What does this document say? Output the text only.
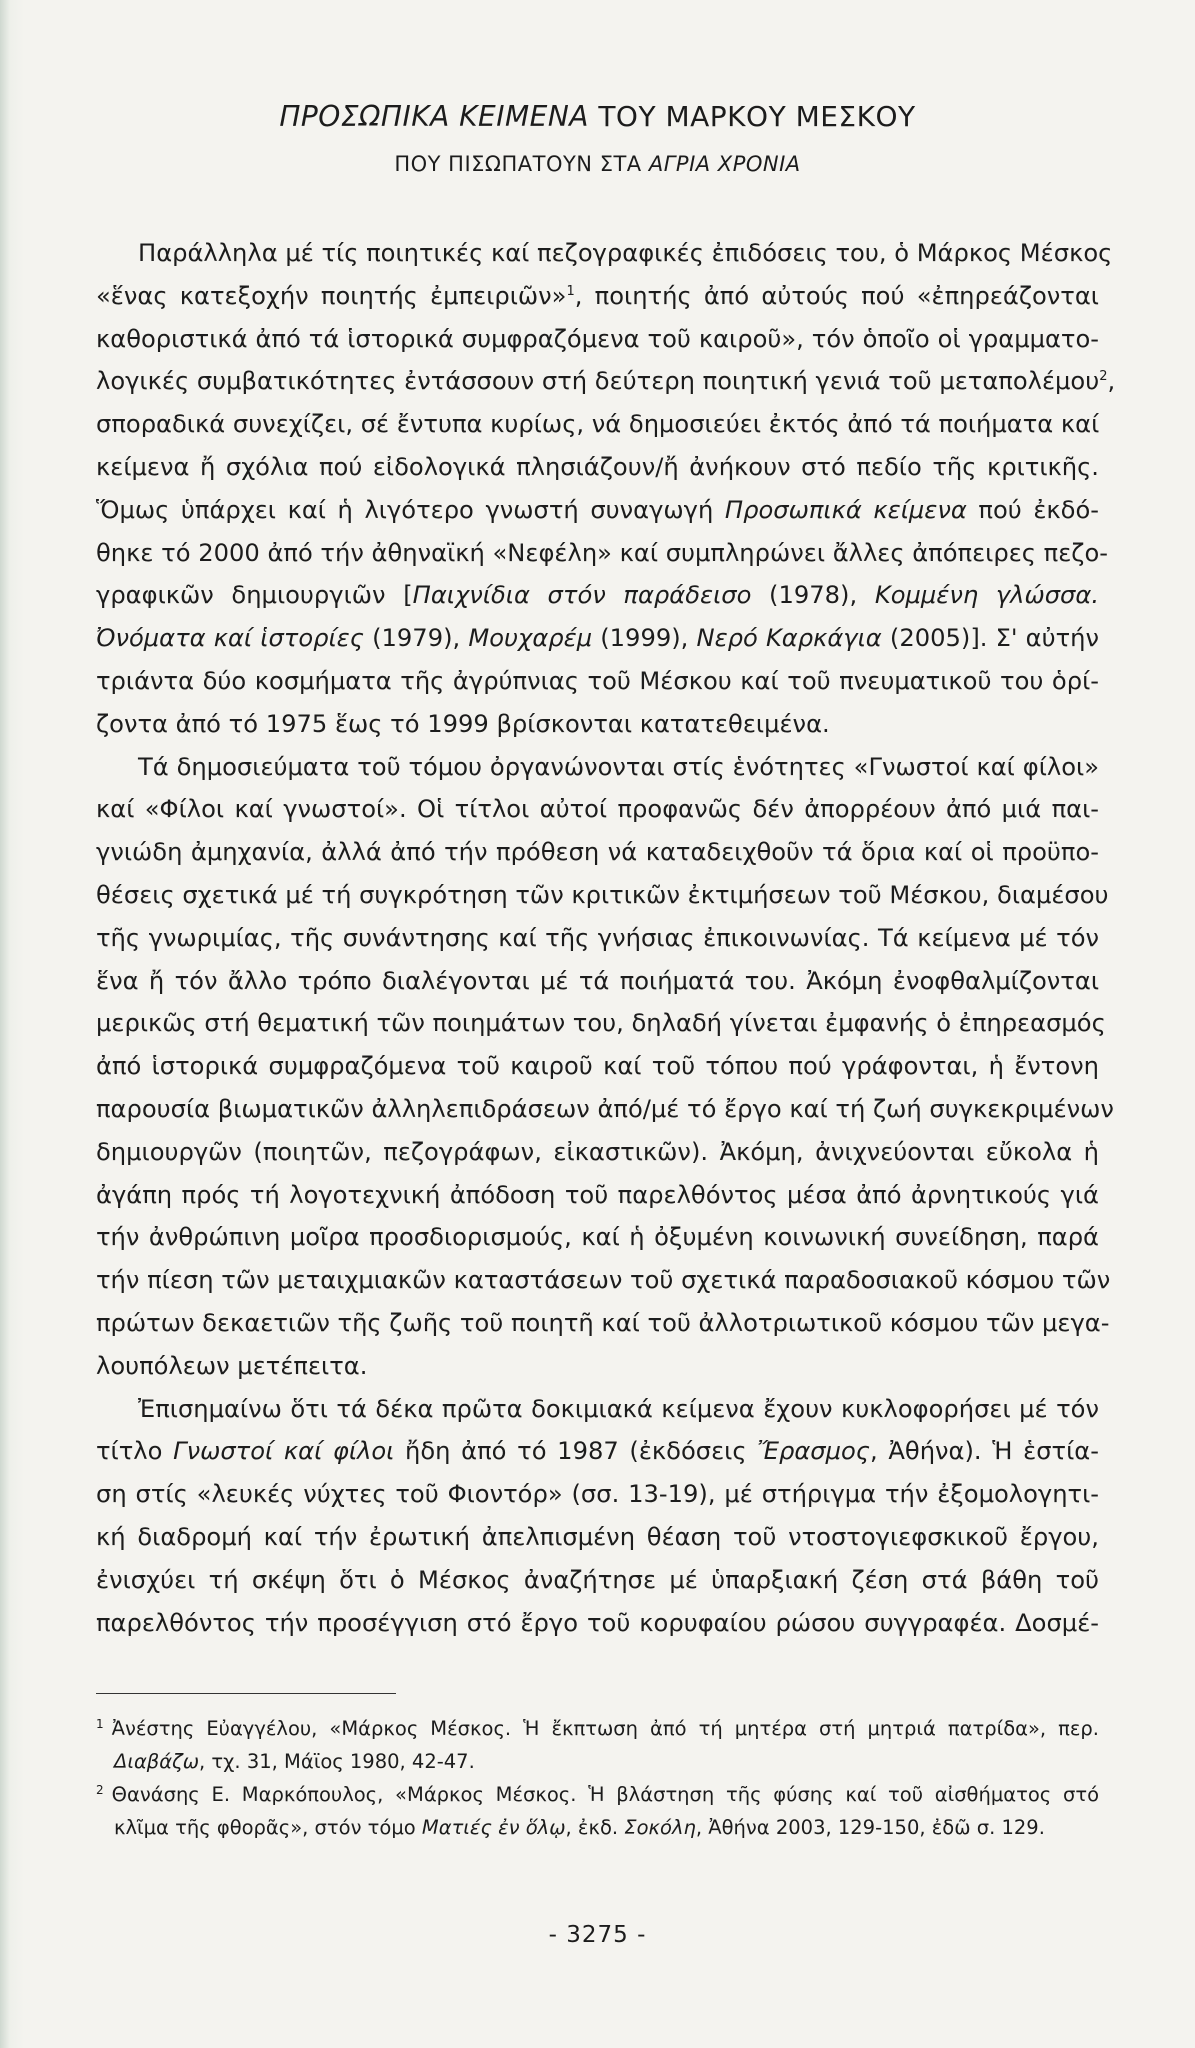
ΠΡΟΣΩΠΙΚΑ ΚΕΙΜΕΝΑ ΤΟΥ ΜΑΡΚΟΥ ΜΕΣΚΟΥ
ΠΟΥ ΠΙΣΩΠΑΤΟΥΝ ΣΤΑ ΑΓΡΙΑ ΧΡΟΝΙΑ

Παράλληλα μέ τίς ποιητικές καί πεζογραφικές ἐπιδόσεις του, ὁ Μάρκος Μέσκος
«ἕνας κατεξοχήν ποιητής ἐμπειριῶν»$^1$, ποιητής ἀπό αὐτούς πού «ἐπηρεάζονται
καθοριστικά ἀπό τά ἱστορικά συμφραζόμενα τοῦ καιροῦ», τόν ὁποῖο οἱ γραμματο-
λογικές συμβατικότητες ἐντάσσουν στή δεύτερη ποιητική γενιά τοῦ μεταπολέμου$^2$,
σποραδικά συνεχίζει, σέ ἔντυπα κυρίως, νά δημοσιεύει ἐκτός ἀπό τά ποιήματα καί
κείμενα ἤ σχόλια πού εἰδολογικά πλησιάζουν/ἤ ἀνήκουν στό πεδίο τῆς κριτικῆς.
Ὅμως ὑπάρχει καί ἡ λιγότερο γνωστή συναγωγή Προσωπικά κείμενα πού ἐκδό-
θηκε τό 2000 ἀπό τήν ἀθηναϊκή «Νεφέλη» καί συμπληρώνει ἄλλες ἀπόπειρες πεζο-
γραφικῶν δημιουργιῶν [Παιχνίδια στόν παράδεισο (1978), Κομμένη γλώσσα.
Ὀνόματα καί ἱστορίες (1979), Μουχαρέμ (1999), Νερό Καρκάγια (2005)]. Σ' αὐτήν
τριάντα δύο κοσμήματα τῆς ἀγρύπνιας τοῦ Μέσκου καί τοῦ πνευματικοῦ του ὁρί-
ζοντα ἀπό τό 1975 ἕως τό 1999 βρίσκονται κατατεθειμένα.

Τά δημοσιεύματα τοῦ τόμου ὀργανώνονται στίς ἑνότητες «Γνωστοί καί φίλοι»
καί «Φίλοι καί γνωστοί». Οἱ τίτλοι αὐτοί προφανῶς δέν ἀπορρέουν ἀπό μιά παι-
γνιώδη ἀμηχανία, ἀλλά ἀπό τήν πρόθεση νά καταδειχθοῦν τά ὅρια καί οἱ προϋπο-
θέσεις σχετικά μέ τή συγκρότηση τῶν κριτικῶν ἐκτιμήσεων τοῦ Μέσκου, διαμέσου
τῆς γνωριμίας, τῆς συνάντησης καί τῆς γνήσιας ἐπικοινωνίας. Τά κείμενα μέ τόν
ἕνα ἤ τόν ἄλλο τρόπο διαλέγονται μέ τά ποιήματά του. Ἀκόμη ἐνοφθαλμίζονται
μερικῶς στή θεματική τῶν ποιημάτων του, δηλαδή γίνεται ἐμφανής ὁ ἐπηρεασμός
ἀπό ἱστορικά συμφραζόμενα τοῦ καιροῦ καί τοῦ τόπου πού γράφονται, ἡ ἔντονη
παρουσία βιωματικῶν ἀλληλεπιδράσεων ἀπό/μέ τό ἔργο καί τή ζωή συγκεκριμένων
δημιουργῶν (ποιητῶν, πεζογράφων, εἰκαστικῶν). Ἀκόμη, ἀνιχνεύονται εὔκολα ἡ
ἀγάπη πρός τή λογοτεχνική ἀπόδοση τοῦ παρελθόντος μέσα ἀπό ἀρνητικούς γιά
τήν ἀνθρώπινη μοῖρα προσδιορισμούς, καί ἡ ὀξυμένη κοινωνική συνείδηση, παρά
τήν πίεση τῶν μεταιχμιακῶν καταστάσεων τοῦ σχετικά παραδοσιακοῦ κόσμου τῶν
πρώτων δεκαετιῶν τῆς ζωῆς τοῦ ποιητῆ καί τοῦ ἀλλοτριωτικοῦ κόσμου τῶν μεγα-
λουπόλεων μετέπειτα.

Ἐπισημαίνω ὅτι τά δέκα πρῶτα δοκιμιακά κείμενα ἔχουν κυκλοφορήσει μέ τόν
τίτλο Γνωστοί καί φίλοι ἤδη ἀπό τό 1987 (ἐκδόσεις Ἔρασμος, Ἀθήνα). Ἡ ἑστία-
ση στίς «λευκές νύχτες τοῦ Φιοντόρ» (σσ. 13-19), μέ στήριγμα τήν ἐξομολογητι-
κή διαδρομή καί τήν ἐρωτική ἀπελπισμένη θέαση τοῦ ντοστογιεφσκικοῦ ἔργου,
ἐνισχύει τή σκέψη ὅτι ὁ Μέσκος ἀναζήτησε μέ ὑπαρξιακή ζέση στά βάθη τοῦ
παρελθόντος τήν προσέγγιση στό ἔργο τοῦ κορυφαίου ρώσου συγγραφέα. Δοσμέ-

$^1$ Ἀνέστης Εὐαγγέλου, «Μάρκος Μέσκος. Ἡ ἔκπτωση ἀπό τή μητέρα στή μητριά πατρίδα», περ.
Διαβάζω, τχ. 31, Μάϊος 1980, 42-47.
$^2$ Θανάσης Ε. Μαρκόπουλος, «Μάρκος Μέσκος. Ἡ βλάστηση τῆς φύσης καί τοῦ αἰσθήματος στό
κλῖμα τῆς φθορᾶς», στόν τόμο Ματιές ἐν ὅλῳ, ἐκδ. Σοκόλη, Ἀθήνα 2003, 129-150, ἐδῶ σ. 129.
- 3275 -
